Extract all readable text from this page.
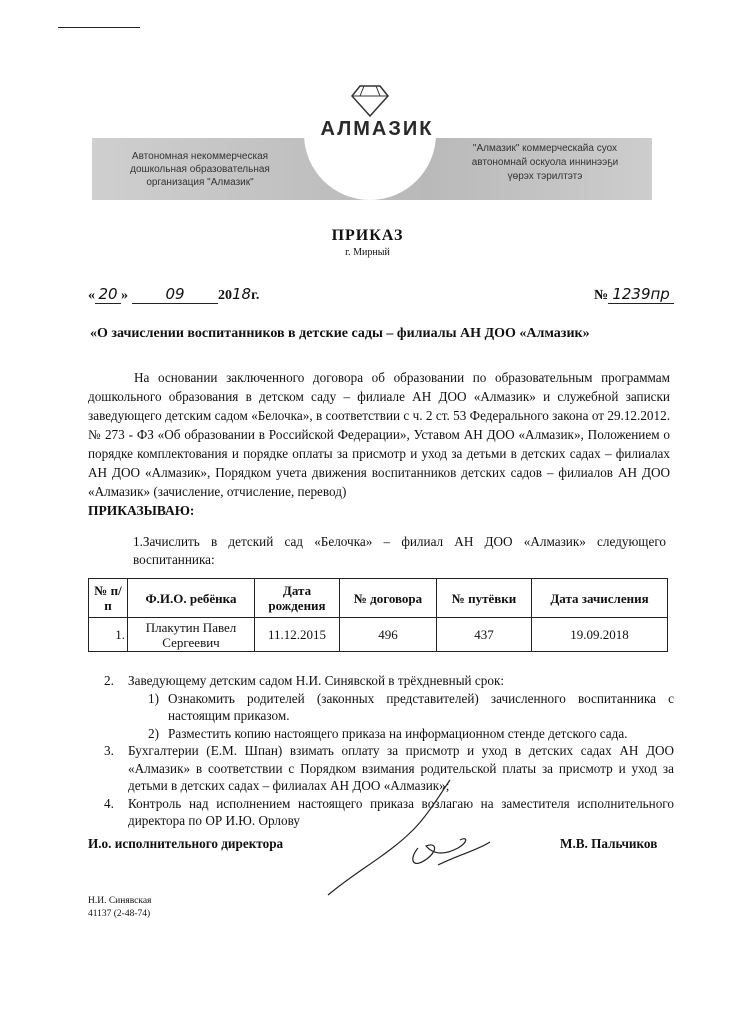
АЛМАЗИК
Автономная некоммерческая
дошкольная образовательная
организация "Алмазик"
"Алмазик" коммерческайа суох
автономнай оскуола иннинээҕи
үөрэх тэрилтэтэ
ПРИКАЗ
г. Мирный
« 20 » 09 2018г.	№ 1239пр
«О зачислении воспитанников в детские сады – филиалы АН ДОО «Алмазик»
На основании заключенного договора об образовании по образовательным программам дошкольного образования в детском саду – филиале АН ДОО «Алмазик» и служебной записки заведующего детским садом «Белочка», в соответствии с ч. 2 ст. 53 Федерального закона от 29.12.2012. № 273 - ФЗ «Об образовании в Российской Федерации», Уставом АН ДОО «Алмазик», Положением о порядке комплектования и порядке оплаты за присмотр и уход за детьми в детских садах – филиалах АН ДОО «Алмазик», Порядком учета движения воспитанников детских садов – филиалов АН ДОО «Алмазик» (зачисление, отчисление, перевод)
ПРИКАЗЫВАЮ:
1.Зачислить в детский сад «Белочка» – филиал АН ДОО «Алмазик» следующего воспитанника:
№ п/п	Ф.И.О. ребёнка	Дата рождения	№ договора	№ путёвки	Дата зачисления
1.	Плакутин Павел Сергеевич	11.12.2015	496	437	19.09.2018
2. Заведующему детским садом Н.И. Синявской в трёхдневный срок:
1) Ознакомить родителей (законных представителей) зачисленного воспитанника с настоящим приказом.
2) Разместить копию настоящего приказа на информационном стенде детского сада.
3. Бухгалтерии (Е.М. Шпан) взимать оплату за присмотр и уход в детских садах АН ДОО «Алмазик» в соответствии с Порядком взимания родительской платы за присмотр и уход за детьми в детских садах – филиалах АН ДОО «Алмазик»;
4. Контроль над исполнением настоящего приказа возлагаю на заместителя исполнительного директора по ОР И.Ю. Орлову
И.о. исполнительного директора	М.В. Пальчиков
Н.И. Синявская
41137 (2-48-74)
